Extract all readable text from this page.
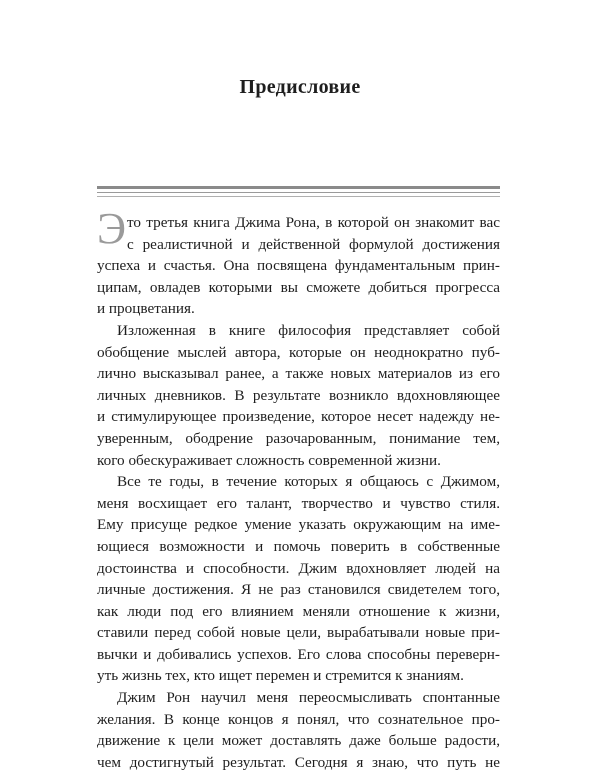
Предисловие
Э то третья книга Джима Рона, в которой он знакомит вас
с реалистичной и действенной формулой достижения
успеха и счастья. Она посвящена фундаментальным прин-
ципам, овладев которыми вы сможете добиться прогресса
и процветания.
Изложенная в книге философия представляет собой
обобщение мыслей автора, которые он неоднократно пуб-
лично высказывал ранее, а также новых материалов из его
личных дневников. В результате возникло вдохновляющее
и стимулирующее произведение, которое несет надежду не-
уверенным, ободрение разочарованным, понимание тем,
кого обескураживает сложность современной жизни.
Все те годы, в течение которых я общаюсь с Джимом,
меня восхищает его талант, творчество и чувство стиля.
Ему присуще редкое умение указать окружающим на име-
ющиеся возможности и помочь поверить в собственные
достоинства и способности. Джим вдохновляет людей на
личные достижения. Я не раз становился свидетелем того,
как люди под его влиянием меняли отношение к жизни,
ставили перед собой новые цели, вырабатывали новые при-
вычки и добивались успехов. Его слова способны переверн-
уть жизнь тех, кто ищет перемен и стремится к знаниям.
Джим Рон научил меня переосмысливать спонтанные
желания. В конце концов я понял, что сознательное про-
движение к цели может доставлять даже больше радости,
чем достигнутый результат. Сегодня я знаю, что путь не
